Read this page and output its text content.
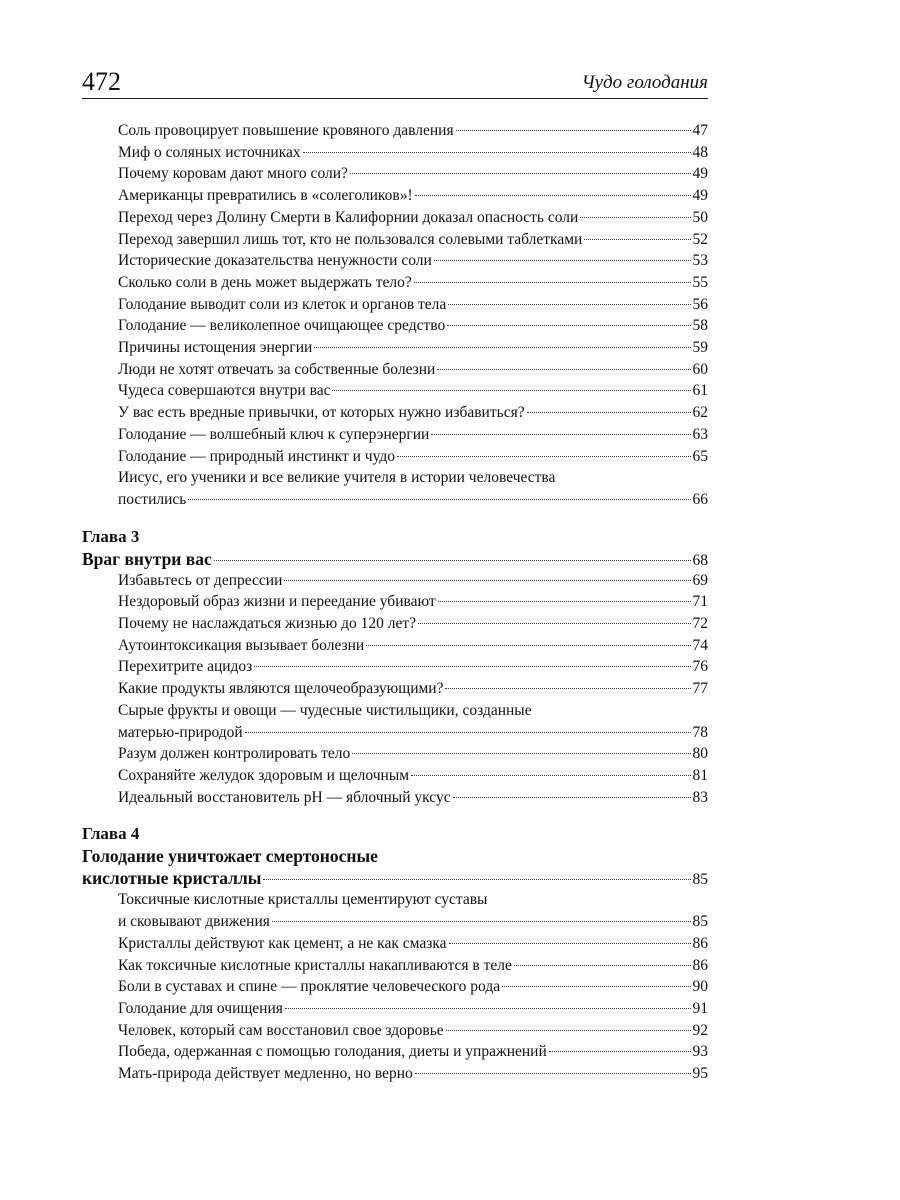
472	Чудо голодания
Соль провоцирует повышение кровяного давления	47
Миф о соляных источниках	48
Почему коровам дают много соли?	49
Американцы превратились в «солеголиков»!	49
Переход через Долину Смерти в Калифорнии доказал опасность соли	50
Переход завершил лишь тот, кто не пользовался солевыми таблетками	52
Исторические доказательства ненужности соли	53
Сколько соли в день может выдержать тело?	55
Голодание выводит соли из клеток и органов тела	56
Голодание — великолепное очищающее средство	58
Причины истощения энергии	59
Люди не хотят отвечать за собственные болезни	60
Чудеса совершаются внутри вас	61
У вас есть вредные привычки, от которых нужно избавиться?	62
Голодание — волшебный ключ к суперэнергии	63
Голодание — природный инстинкт и чудо	65
Иисус, его ученики и все великие учителя в истории человечества
постились	66
Глава 3
Враг внутри вас	68
Избавьтесь от депрессии	69
Нездоровый образ жизни и переедание убивают	71
Почему не наслаждаться жизнью до 120 лет?	72
Аутоинтоксикация вызывает болезни	74
Перехитрите ацидоз	76
Какие продукты являются щелочеобразующими?	77
Сырые фрукты и овощи — чудесные чистильщики, созданные
матерью-природой	78
Разум должен контролировать тело	80
Сохраняйте желудок здоровым и щелочным	81
Идеальный восстановитель pH — яблочный уксус	83
Глава 4
Голодание уничтожает смертоносные
кислотные кристаллы	85
Токсичные кислотные кристаллы цементируют суставы
и сковывают движения	85
Кристаллы действуют как цемент, а не как смазка	86
Как токсичные кислотные кристаллы накапливаются в теле	86
Боли в суставах и спине — проклятие человеческого рода	90
Голодание для очищения	91
Человек, который сам восстановил свое здоровье	92
Победа, одержанная с помощью голодания, диеты и упражнений	93
Мать-природа действует медленно, но верно	95
